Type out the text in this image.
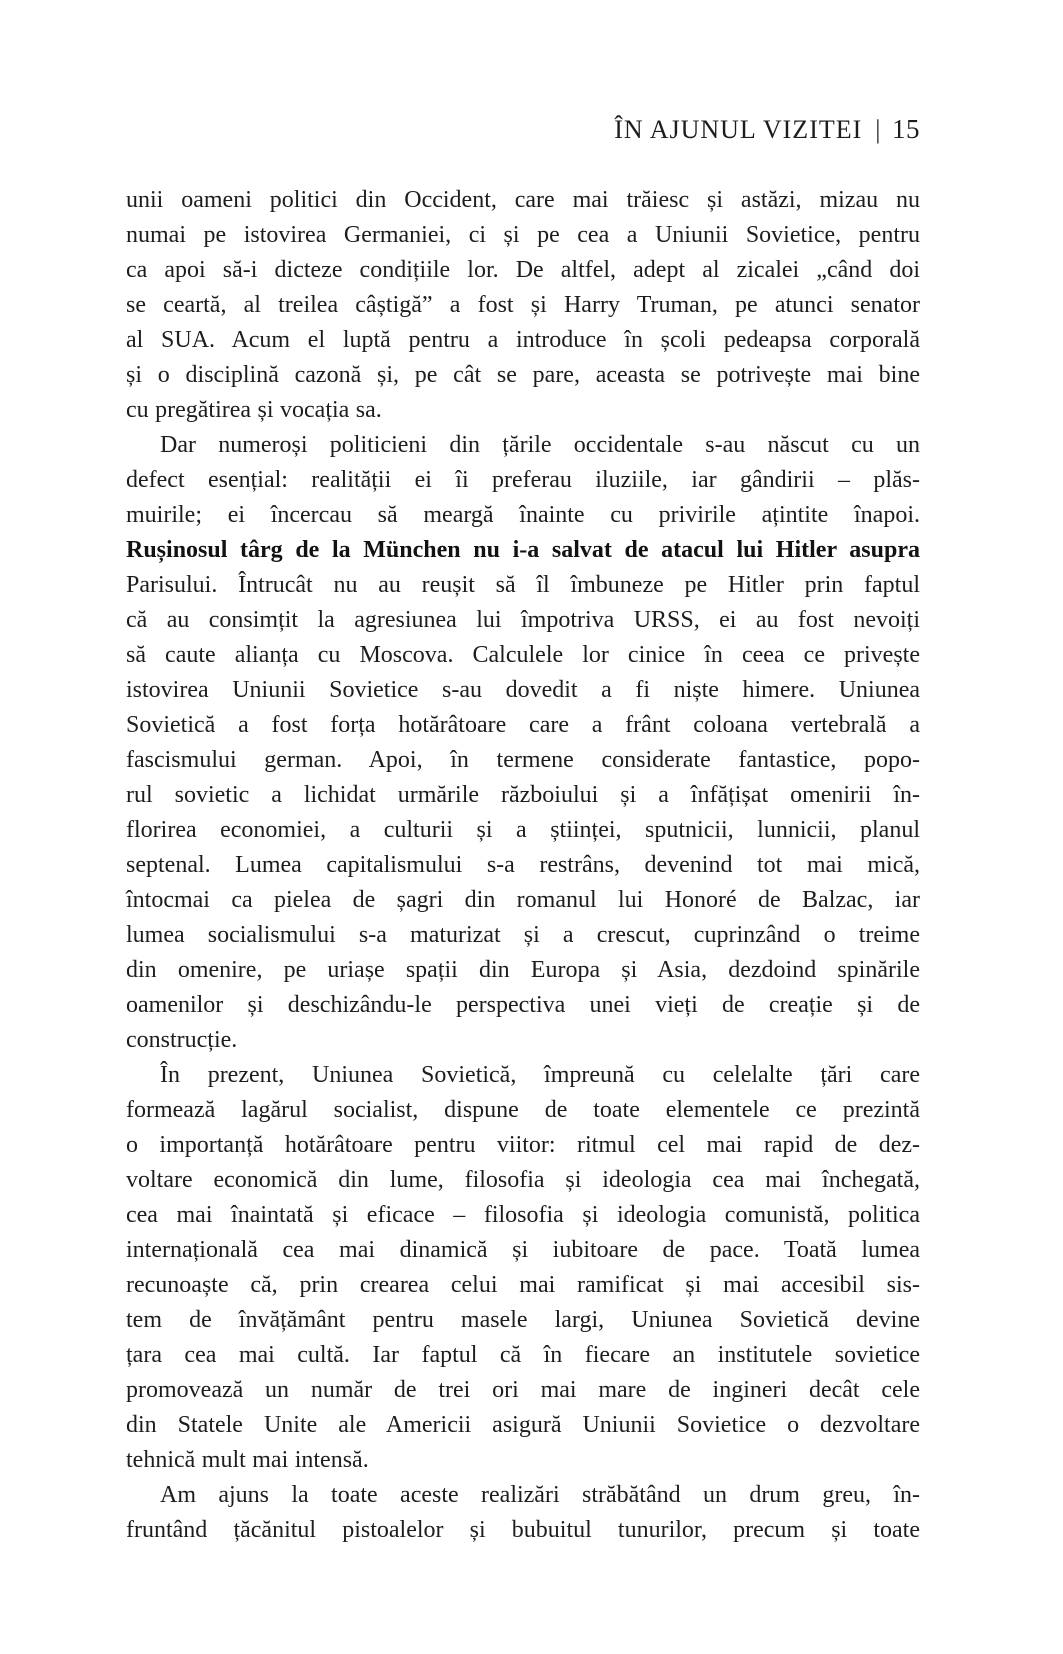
ÎN AJUNUL VIZITEI | 15
unii oameni politici din Occident, care mai trăiesc și astăzi, mizau nu
numai pe istovirea Germaniei, ci și pe cea a Uniunii Sovietice, pentru
ca apoi să-i dicteze condițiile lor. De altfel, adept al zicalei „când doi
se ceartă, al treilea câștigă” a fost și Harry Truman, pe atunci senator
al SUA. Acum el luptă pentru a introduce în școli pedeapsa corporală
și o disciplină cazonă și, pe cât se pare, aceasta se potrivește mai bine
cu pregătirea și vocația sa.
Dar numeroși politicieni din țările occidentale s-au născut cu un
defect esențial: realității ei îi preferau iluziile, iar gândirii – plăs-
muirile; ei încercau să meargă înainte cu privirile ațintite înapoi.
Rușinosul târg de la München nu i-a salvat de atacul lui Hitler asupra
Parisului. Întrucât nu au reușit să îl îmbuneze pe Hitler prin faptul
că au consimțit la agresiunea lui împotriva URSS, ei au fost nevoiți
să caute alianța cu Moscova. Calculele lor cinice în ceea ce privește
istovirea Uniunii Sovietice s-au dovedit a fi niște himere. Uniunea
Sovietică a fost forța hotărâtoare care a frânt coloana vertebrală a
fascismului german. Apoi, în termene considerate fantastice, popo-
rul sovietic a lichidat urmările războiului și a înfățișat omenirii în-
florirea economiei, a culturii și a științei, sputnicii, lunnicii, planul
septenal. Lumea capitalismului s-a restrâns, devenind tot mai mică,
întocmai ca pielea de șagri din romanul lui Honoré de Balzac, iar
lumea socialismului s-a maturizat și a crescut, cuprinzând o treime
din omenire, pe uriașe spații din Europa și Asia, dezdoind spinările
oamenilor și deschizându-le perspectiva unei vieți de creație și de
construcție.
În prezent, Uniunea Sovietică, împreună cu celelalte țări care
formează lagărul socialist, dispune de toate elementele ce prezintă
o importanță hotărâtoare pentru viitor: ritmul cel mai rapid de dez-
voltare economică din lume, filosofia și ideologia cea mai închegată,
cea mai înaintată și eficace – filosofia și ideologia comunistă, politica
internațională cea mai dinamică și iubitoare de pace. Toată lumea
recunoaște că, prin crearea celui mai ramificat și mai accesibil sis-
tem de învățământ pentru masele largi, Uniunea Sovietică devine
țara cea mai cultă. Iar faptul că în fiecare an institutele sovietice
promovează un număr de trei ori mai mare de ingineri decât cele
din Statele Unite ale Americii asigură Uniunii Sovietice o dezvoltare
tehnică mult mai intensă.
Am ajuns la toate aceste realizări străbătând un drum greu, în-
fruntând țăcănitul pistoalelor și bubuitul tunurilor, precum și toate
